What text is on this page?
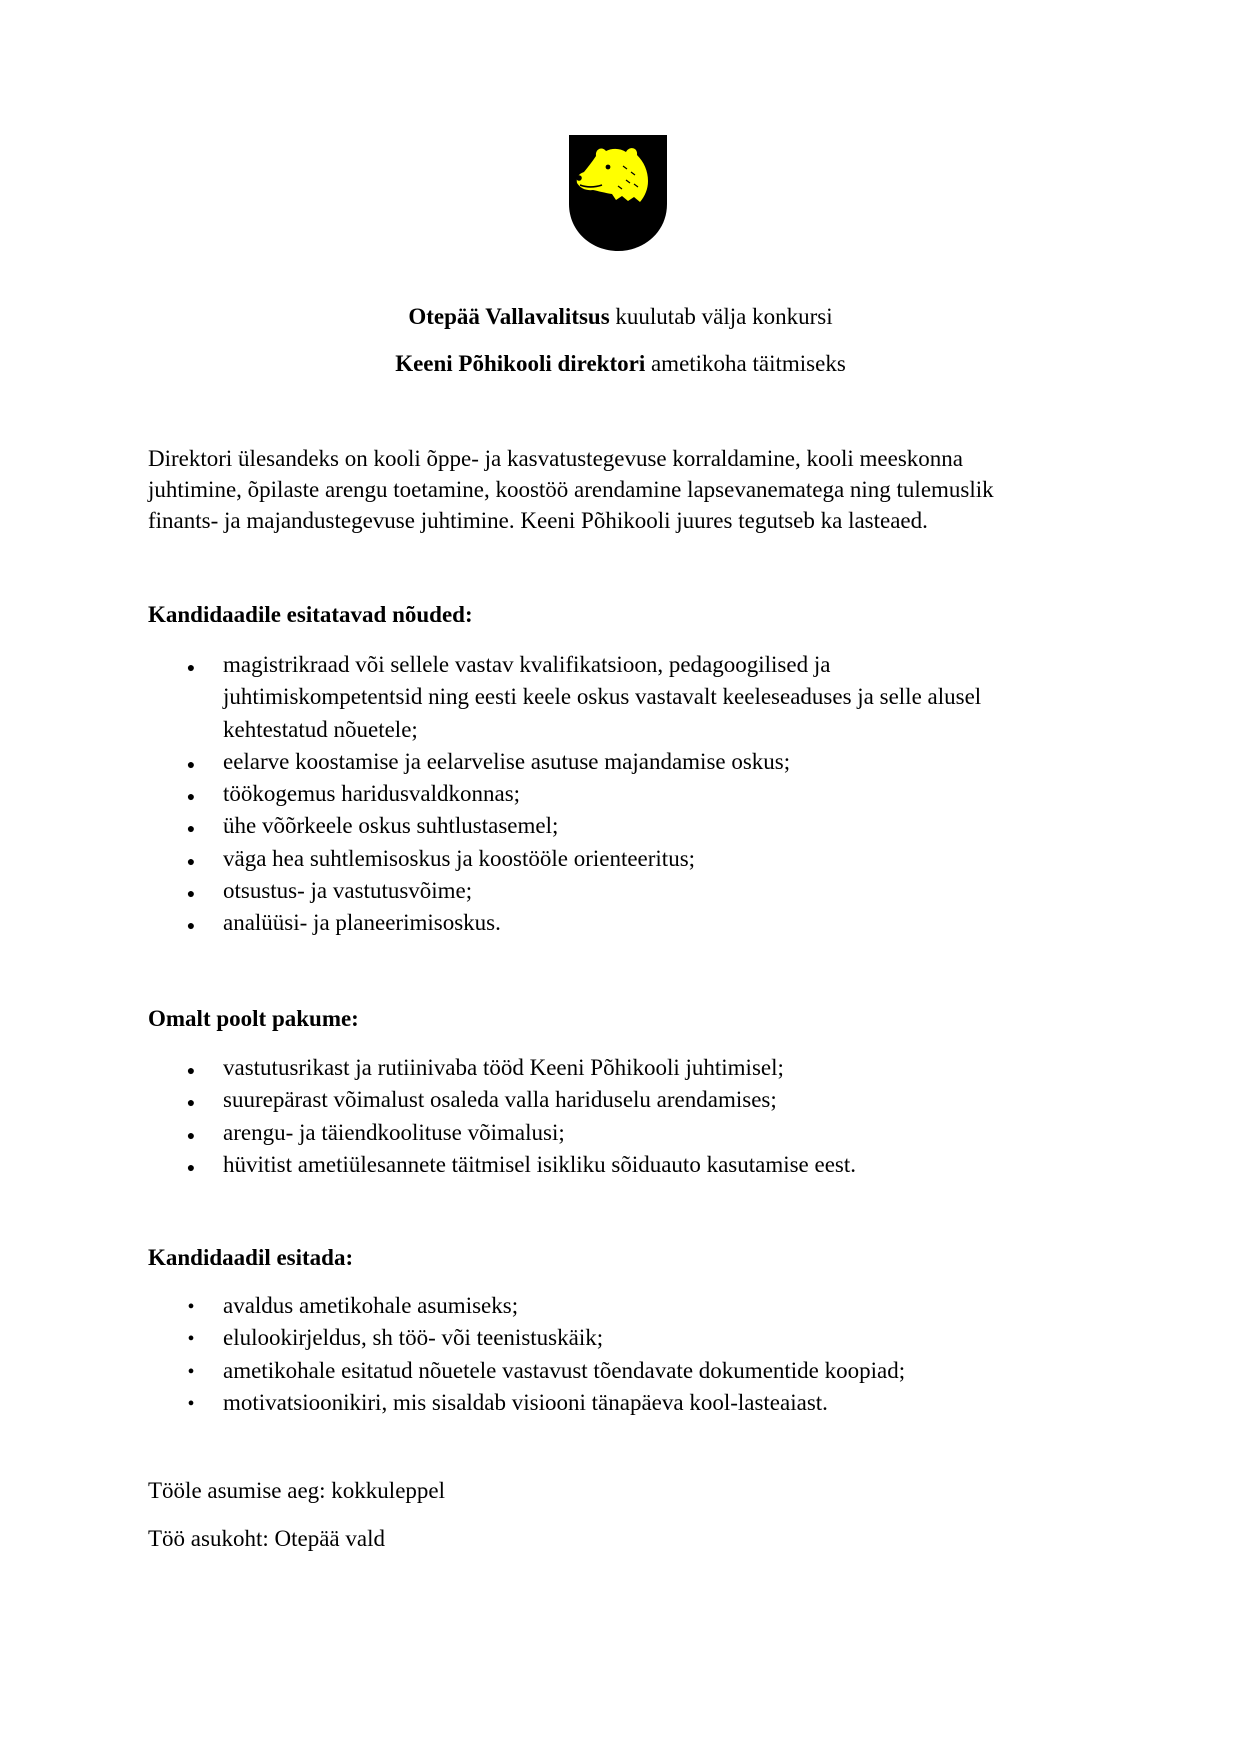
Otepää Vallavalitsus kuulutab välja konkursi
Keeni Põhikooli direktori ametikoha täitmiseks
Direktori ülesandeks on kooli õppe- ja kasvatustegevuse korraldamine, kooli meeskonna
juhtimine, õpilaste arengu toetamine, koostöö arendamine lapsevanematega ning tulemuslik
finants- ja majandustegevuse juhtimine. Keeni Põhikooli juures tegutseb ka lasteaed.
Kandidaadile esitatavad nõuded:
●
magistrikraad või sellele vastav kvalifikatsioon, pedagoogilised ja
juhtimiskompetentsid ning eesti keele oskus vastavalt keeleseaduses ja selle alusel
kehtestatud nõuetele;
●
eelarve koostamise ja eelarvelise asutuse majandamise oskus;
●
töökogemus haridusvaldkonnas;
●
ühe võõrkeele oskus suhtlustasemel;
●
väga hea suhtlemisoskus ja koostööle orienteeritus;
●
otsustus- ja vastutusvõime;
●
analüüsi- ja planeerimisoskus.
Omalt poolt pakume:
●
vastutusrikast ja rutiinivaba tööd Keeni Põhikooli juhtimisel;
●
suurepärast võimalust osaleda valla hariduselu arendamises;
●
arengu- ja täiendkoolituse võimalusi;
●
hüvitist ametiülesannete täitmisel isikliku sõiduauto kasutamise eest.
Kandidaadil esitada:
•
avaldus ametikohale asumiseks;
•
elulookirjeldus, sh töö- või teenistuskäik;
•
ametikohale esitatud nõuetele vastavust tõendavate dokumentide koopiad;
•
motivatsioonikiri, mis sisaldab visiooni tänapäeva kool-lasteaiast.
Tööle asumise aeg: kokkuleppel
Töö asukoht: Otepää vald
